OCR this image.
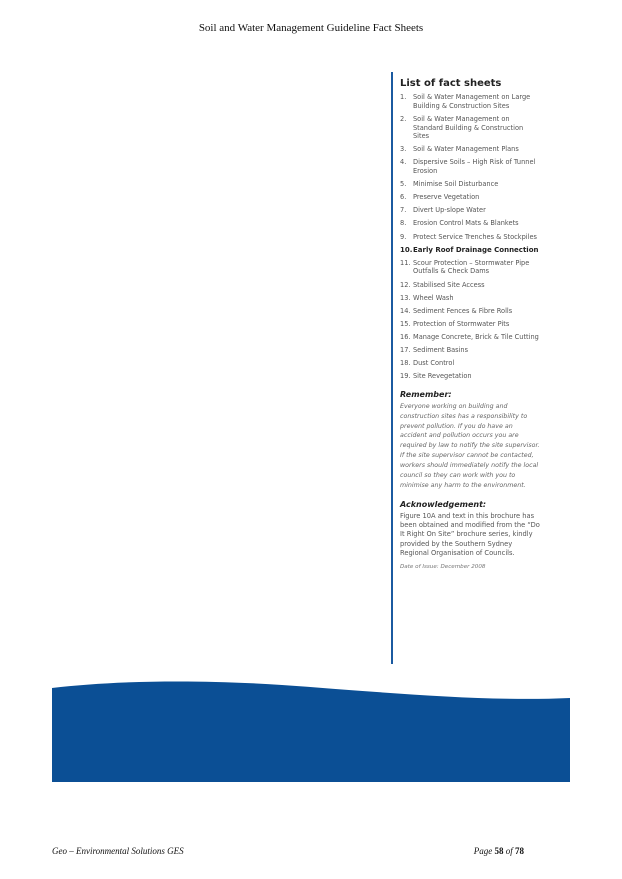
Soil and Water Management Guideline Fact Sheets
List of fact sheets
1.	Soil & Water Management on Large Building & Construction Sites
2.	Soil & Water Management on Standard Building & Construction Sites
3.	Soil & Water Management Plans
4.	Dispersive Soils – High Risk of Tunnel Erosion
5.	Minimise Soil Disturbance
6.	Preserve Vegetation
7.	Divert Up-slope Water
8.	Erosion Control Mats & Blankets
9.	Protect Service Trenches & Stockpiles
10. Early Roof Drainage Connection
11. Scour Protection – Stormwater Pipe Outfalls & Check Dams
12. Stabilised Site Access
13. Wheel Wash
14. Sediment Fences & Fibre Rolls
15. Protection of Stormwater Pits
16. Manage Concrete, Brick & Tile Cutting
17. Sediment Basins
18. Dust Control
19. Site Revegetation
Remember:

Everyone working on building and construction sites has a responsibility to prevent pollution. If you do have an accident and pollution occurs you are required by law to notify the site supervisor. If the site supervisor cannot be contacted, workers should immediately notify the local council so they can work with you to minimise any harm to the environment.

Acknowledgement:

Figure 10A and text in this brochure has been obtained and modified from the “Do It Right On Site” brochure series, kindly provided by the Southern Sydney Regional Organisation of Councils.

Date of Issue: December 2008
Geo – Environmental Solutions GES	Page 58 of 78
